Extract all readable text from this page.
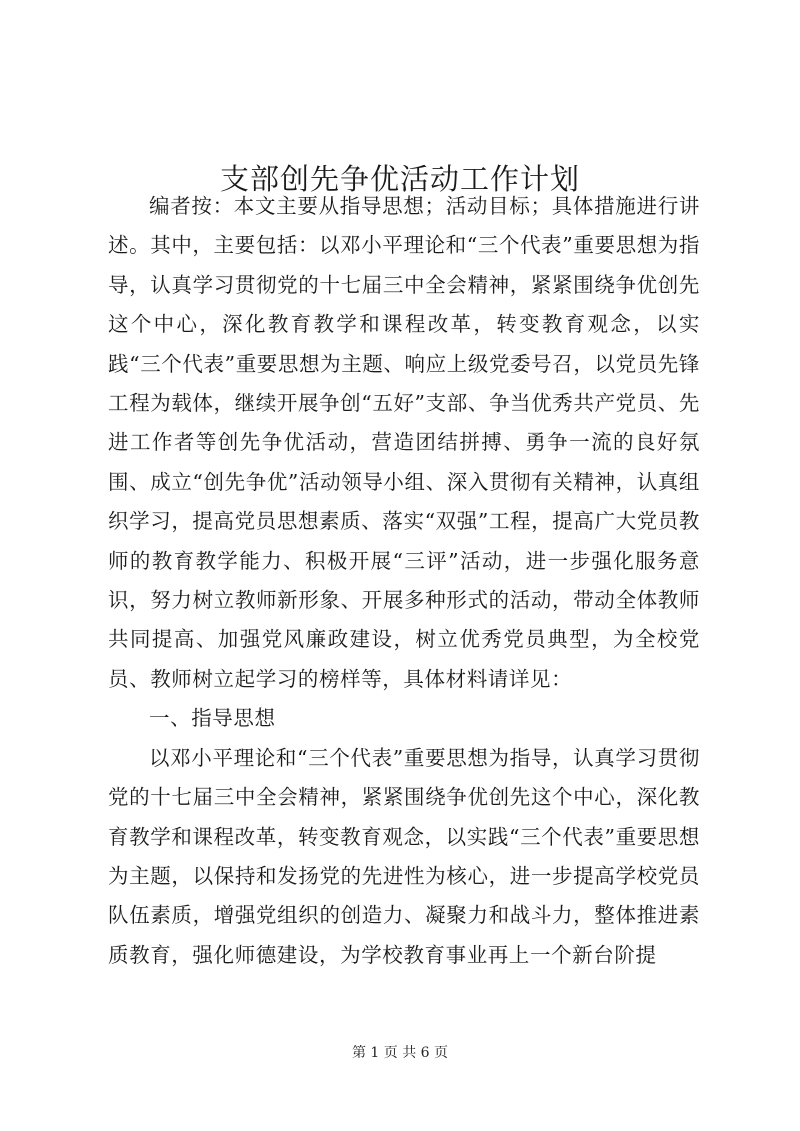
支部创先争优活动工作计划

编者按：本文主要从指导思想；活动目标；具体措施进行讲述。其中，主要包括：以邓小平理论和“三个代表”重要思想为指导，认真学习贯彻党的十七届三中全会精神，紧紧围绕争优创先这个中心，深化教育教学和课程改革，转变教育观念，以实践“三个代表”重要思想为主题、响应上级党委号召，以党员先锋工程为载体，继续开展争创“五好”支部、争当优秀共产党员、先进工作者等创先争优活动，营造团结拼搏、勇争一流的良好氛围、成立“创先争优”活动领导小组、深入贯彻有关精神，认真组织学习，提高党员思想素质、落实“双强”工程，提高广大党员教师的教育教学能力、积极开展“三评”活动，进一步强化服务意识，努力树立教师新形象、开展多种形式的活动，带动全体教师共同提高、加强党风廉政建设，树立优秀党员典型，为全校党员、教师树立起学习的榜样等，具体材料请详见：

一、指导思想

以邓小平理论和“三个代表”重要思想为指导，认真学习贯彻党的十七届三中全会精神，紧紧围绕争优创先这个中心，深化教育教学和课程改革，转变教育观念，以实践“三个代表”重要思想为主题，以保持和发扬党的先进性为核心，进一步提高学校党员队伍素质，增强党组织的创造力、凝聚力和战斗力，整体推进素质教育，强化师德建设，为学校教育事业再上一个新台阶提

第 1 页 共 6 页
